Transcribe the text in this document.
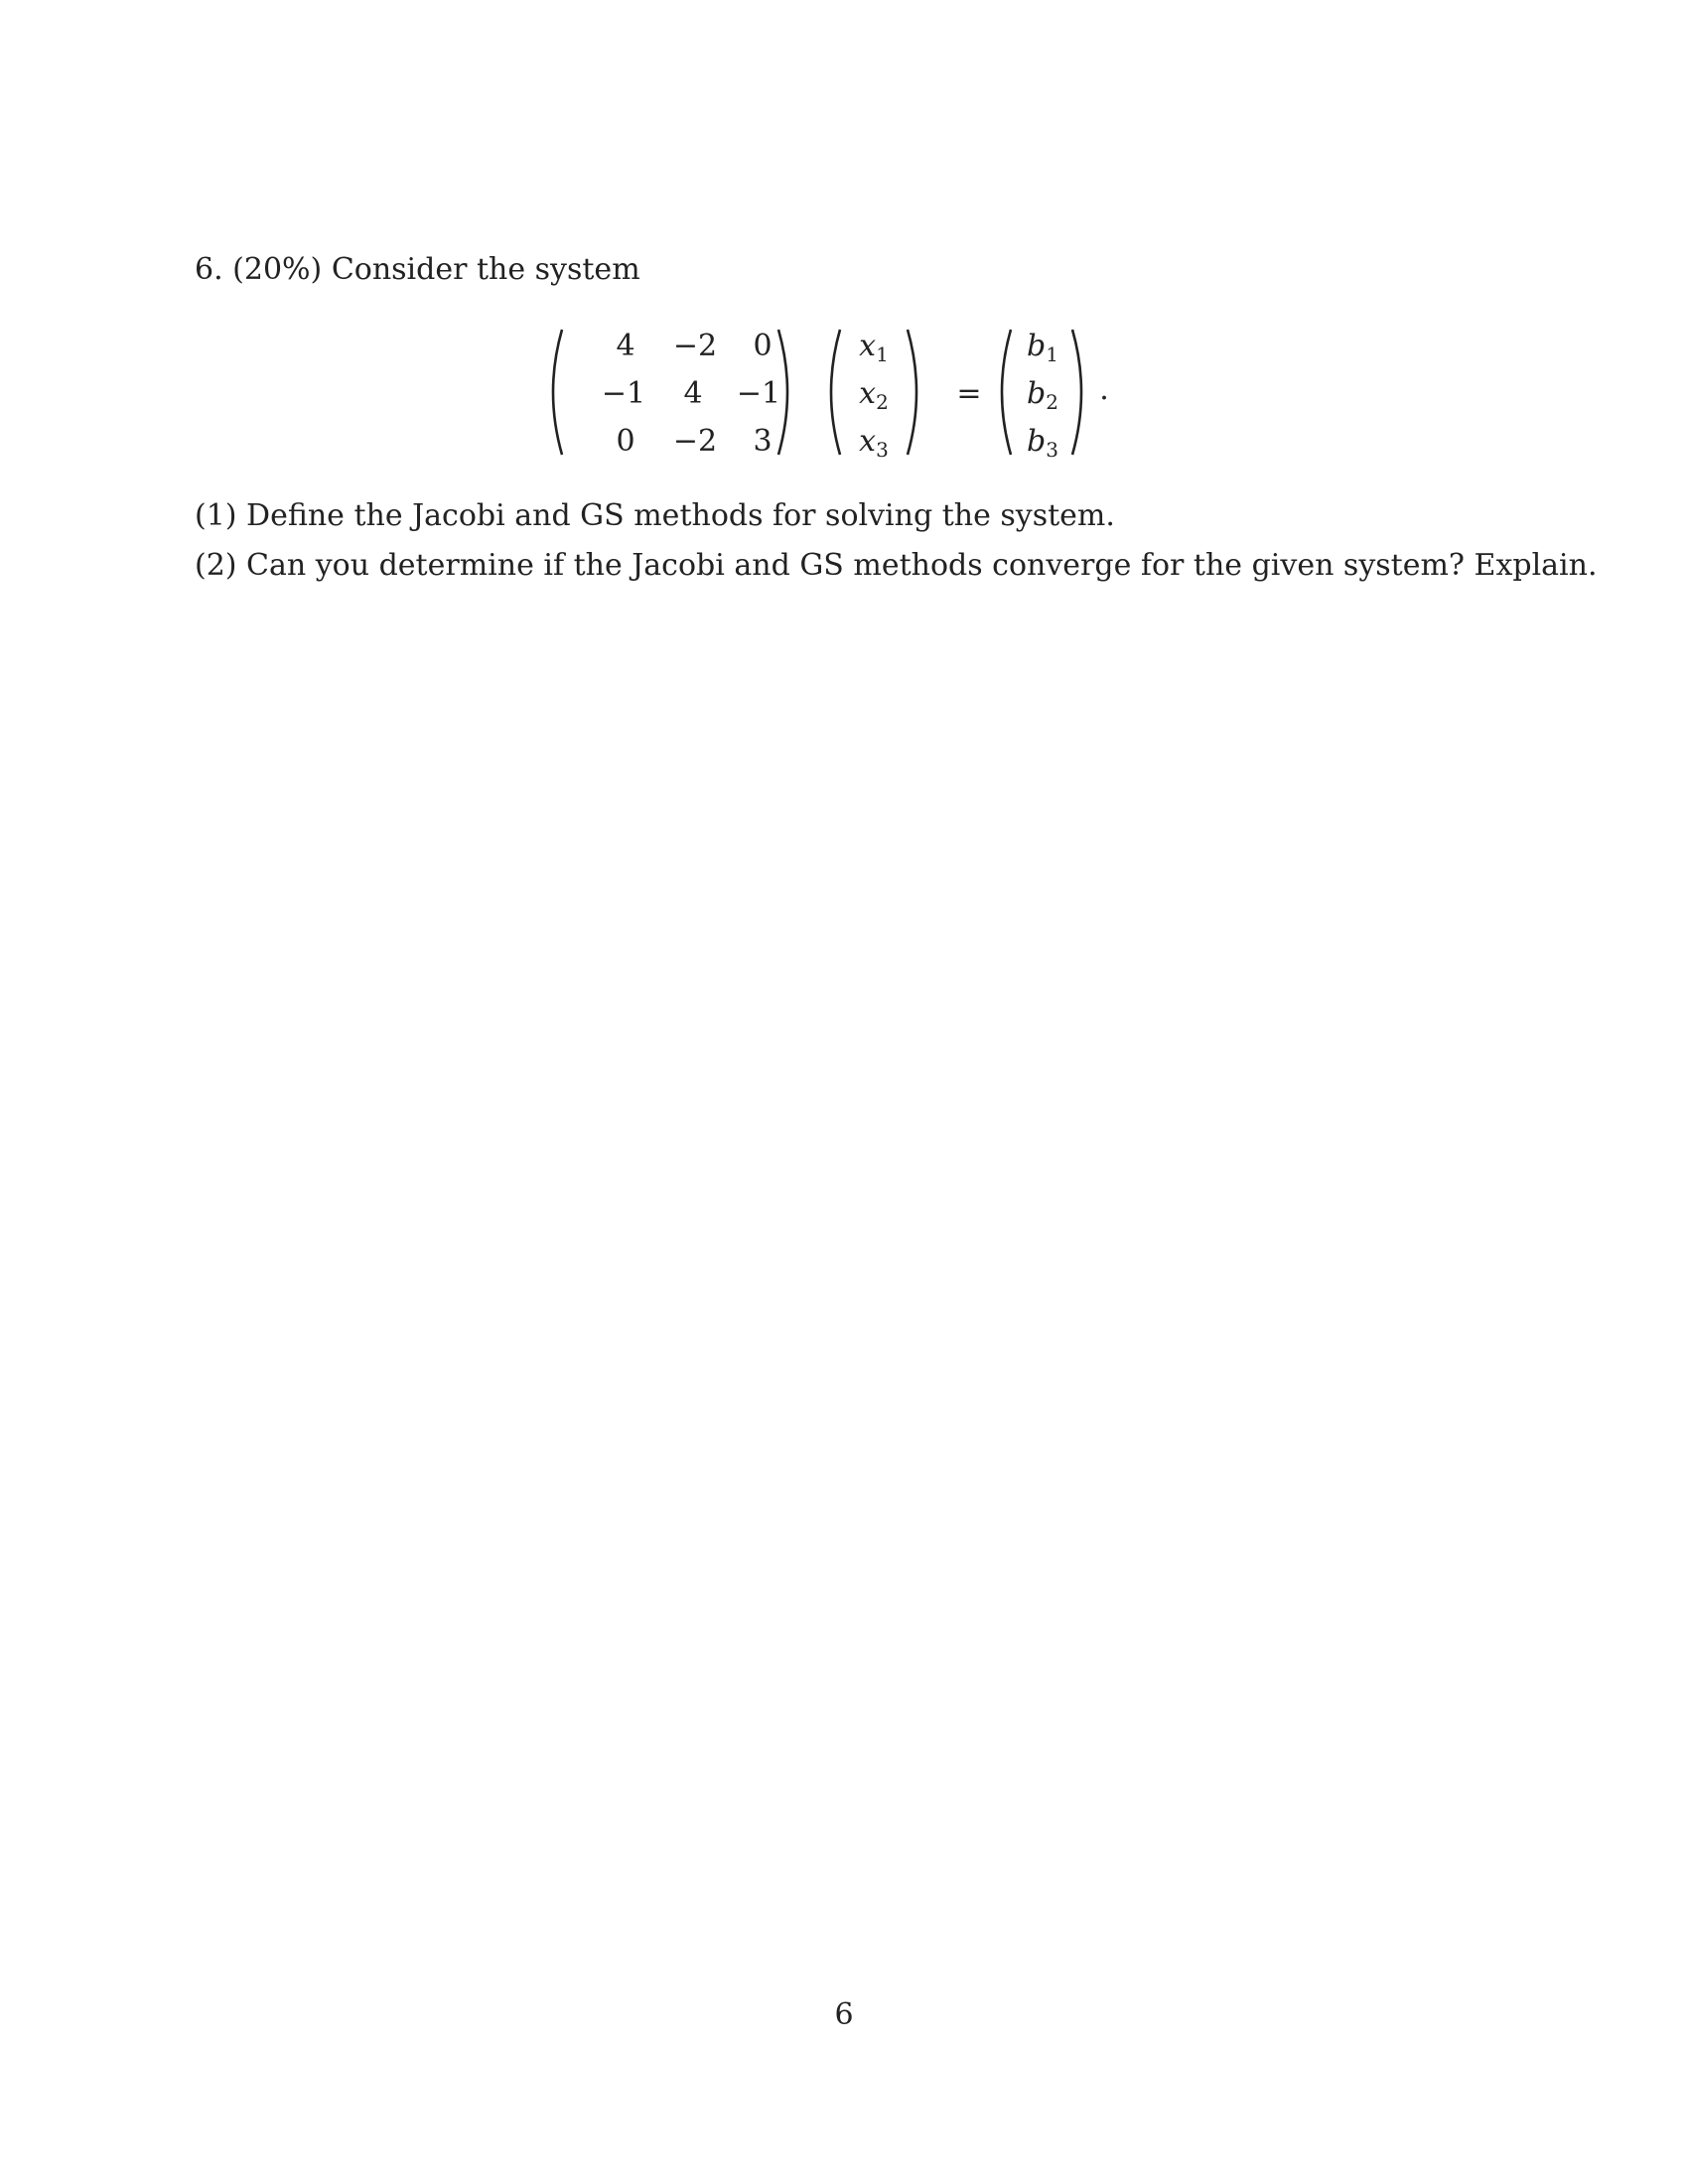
6. (20%) Consider the system
4 −2 0
−1 4 −1
0 −2 3
$x_1$
$x_2$
$x_3$
=
$b_1$
$b_2$
$b_3$
.
(1) Define the Jacobi and GS methods for solving the system.
(2) Can you determine if the Jacobi and GS methods converge for the given system? Explain.
6
